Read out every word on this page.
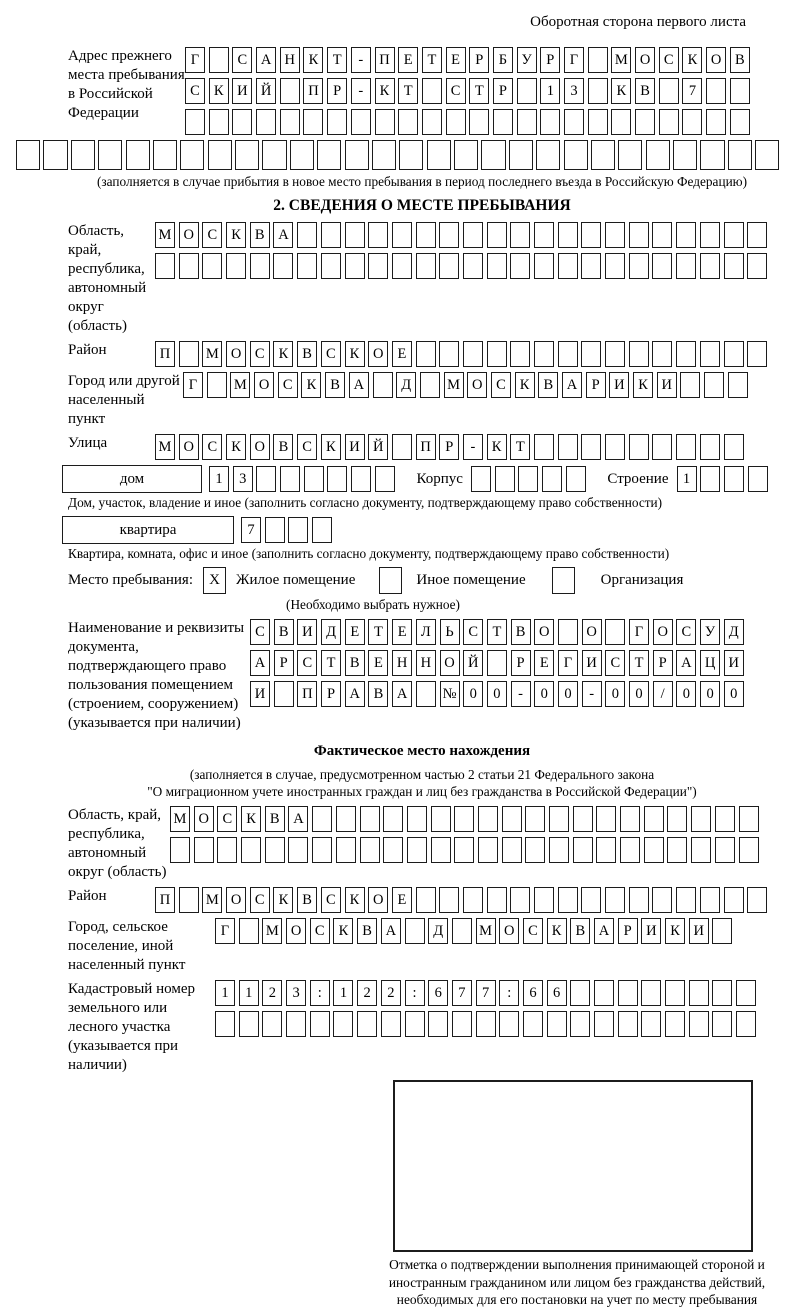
Оборотная сторона первого листа
Адрес прежнего места пребывания в Российской Федерации
Г	С А Н К Т	-	П Е	Т	Е	Р	Б У	Р	Г	М О С К О В
С К И Й	П Р	-	К Т	С Т	Р	1	3	К В	7
(заполняется в случае прибытия в новое место пребывания в период последнего въезда в Российскую Федерацию)
2. СВЕДЕНИЯ О МЕСТЕ ПРЕБЫВАНИЯ
Область, край, республика, автономный округ (область)
М О С К В А
Район	П	М О С К В С К О Е
Город или другой населенный пункт
Г	М О С К В А	Д	М О С К В А Р И К И
Улица	М О С К О В С К И Й	П Р	-	К Т
дом	1	3	Корпус	Строение 1
Дом, участок, владение и иное (заполнить согласно документу, подтверждающему право собственности)
квартира	7
Квартира, комната, офис и иное (заполнить согласно документу, подтверждающему право собственности)
Место пребывания:	X	Жилое помещение	Иное помещение	Организация
(Необходимо выбрать нужное)
Наименование и реквизиты документа, подтверждающего право пользования помещением (строением, сооружением) (указывается при наличии)
С В И Д Е	Т	Е Л	Ь	С Т В О	О	Г О С У Д
А Р	С Т В Е Н Н О Й	Р	Е	Г И С Т	Р А Ц И
И	П Р А В А	№ 0	0	-	0	0	-	0	0	/	0	0	0
Фактическое место нахождения
(заполняется в случае, предусмотренном частью 2 статьи 21 Федерального закона
"О миграционном учете иностранных граждан и лиц без гражданства в Российской Федерации")
Область, край, республика, автономный округ (область)
М О С К В А
Район	П	М О С К В С К О Е
Город, сельское поселение, иной населенный пункт
Г	М О С К В А	Д	М О С К В А Р И К И
Кадастровый номер земельного или лесного участка (указывается при наличии)
1	1	2	3	:	1	2	2	:	6	7	7	:	6	6
Отметка о подтверждении выполнения принимающей стороной и иностранным гражданином или лицом без гражданства действий, необходимых для его постановки на учет по месту пребывания
